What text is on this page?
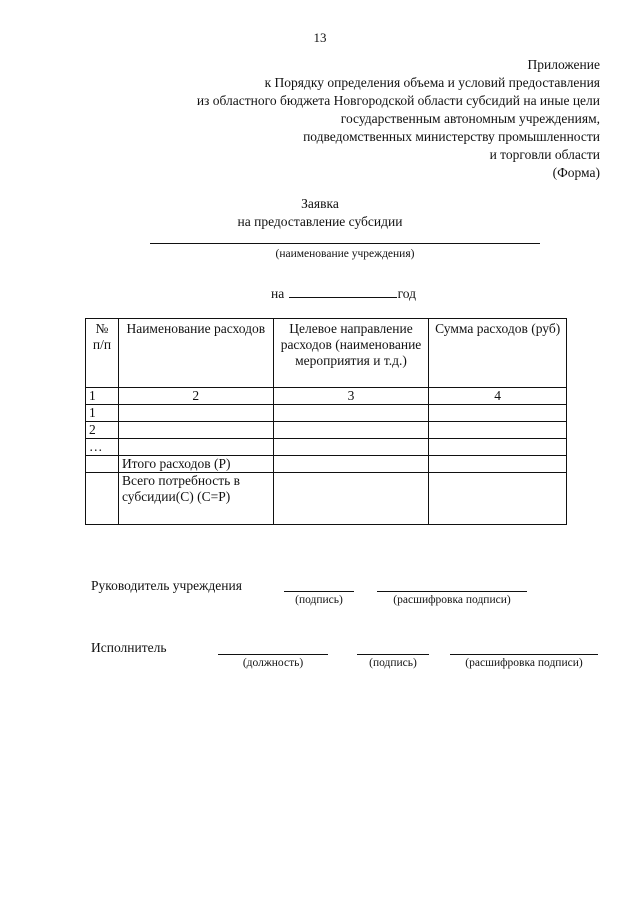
13
Приложение
к Порядку определения объема и условий предоставления
из областного бюджета Новгородской области субсидий на иные цели
государственным автономным учреждениям,
подведомственных министерству промышленности
и торговли области
(Форма)
Заявка
на предоставление субсидии
(наименование учреждения)
на	год
№ п/п	Наименование расходов	Целевое направление расходов (наименование мероприятия и т.д.)	Сумма расходов (руб)
1	2	3	4
1			
2			
…			
	Итого расходов (Р)		
	Всего потребность в субсидии(С) (С=Р)		
Руководитель учреждения
(подпись)	(расшифровка подписи)
Исполнитель
(должность)	(подпись)	(расшифровка подписи)
